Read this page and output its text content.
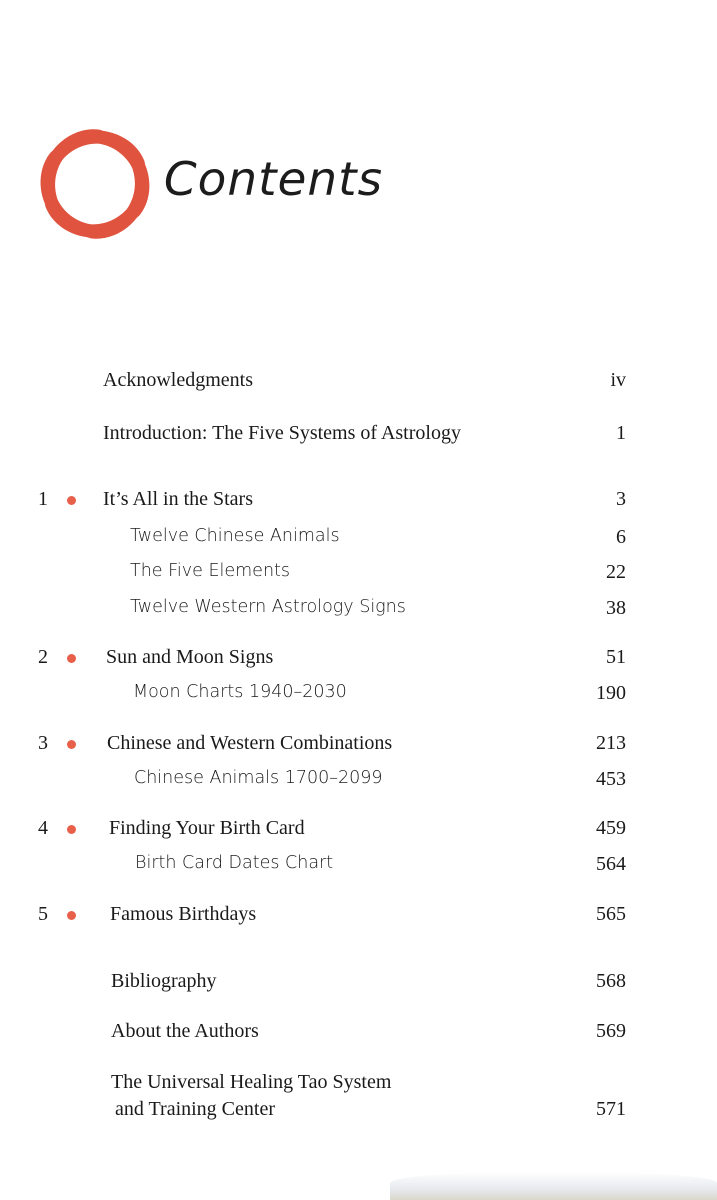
Contents
Acknowledgments	iv
Introduction: The Five Systems of Astrology	1
1	It’s All in the Stars	3
Twelve Chinese Animals	6
The Five Elements	22
Twelve Western Astrology Signs	38
2	Sun and Moon Signs	51
Moon Charts 1940–2030	190
3	Chinese and Western Combinations	213
Chinese Animals 1700–2099	453
4	Finding Your Birth Card	459
Birth Card Dates Chart	564
5	Famous Birthdays	565
Bibliography	568
About the Authors	569
The Universal Healing Tao System
and Training Center	571
